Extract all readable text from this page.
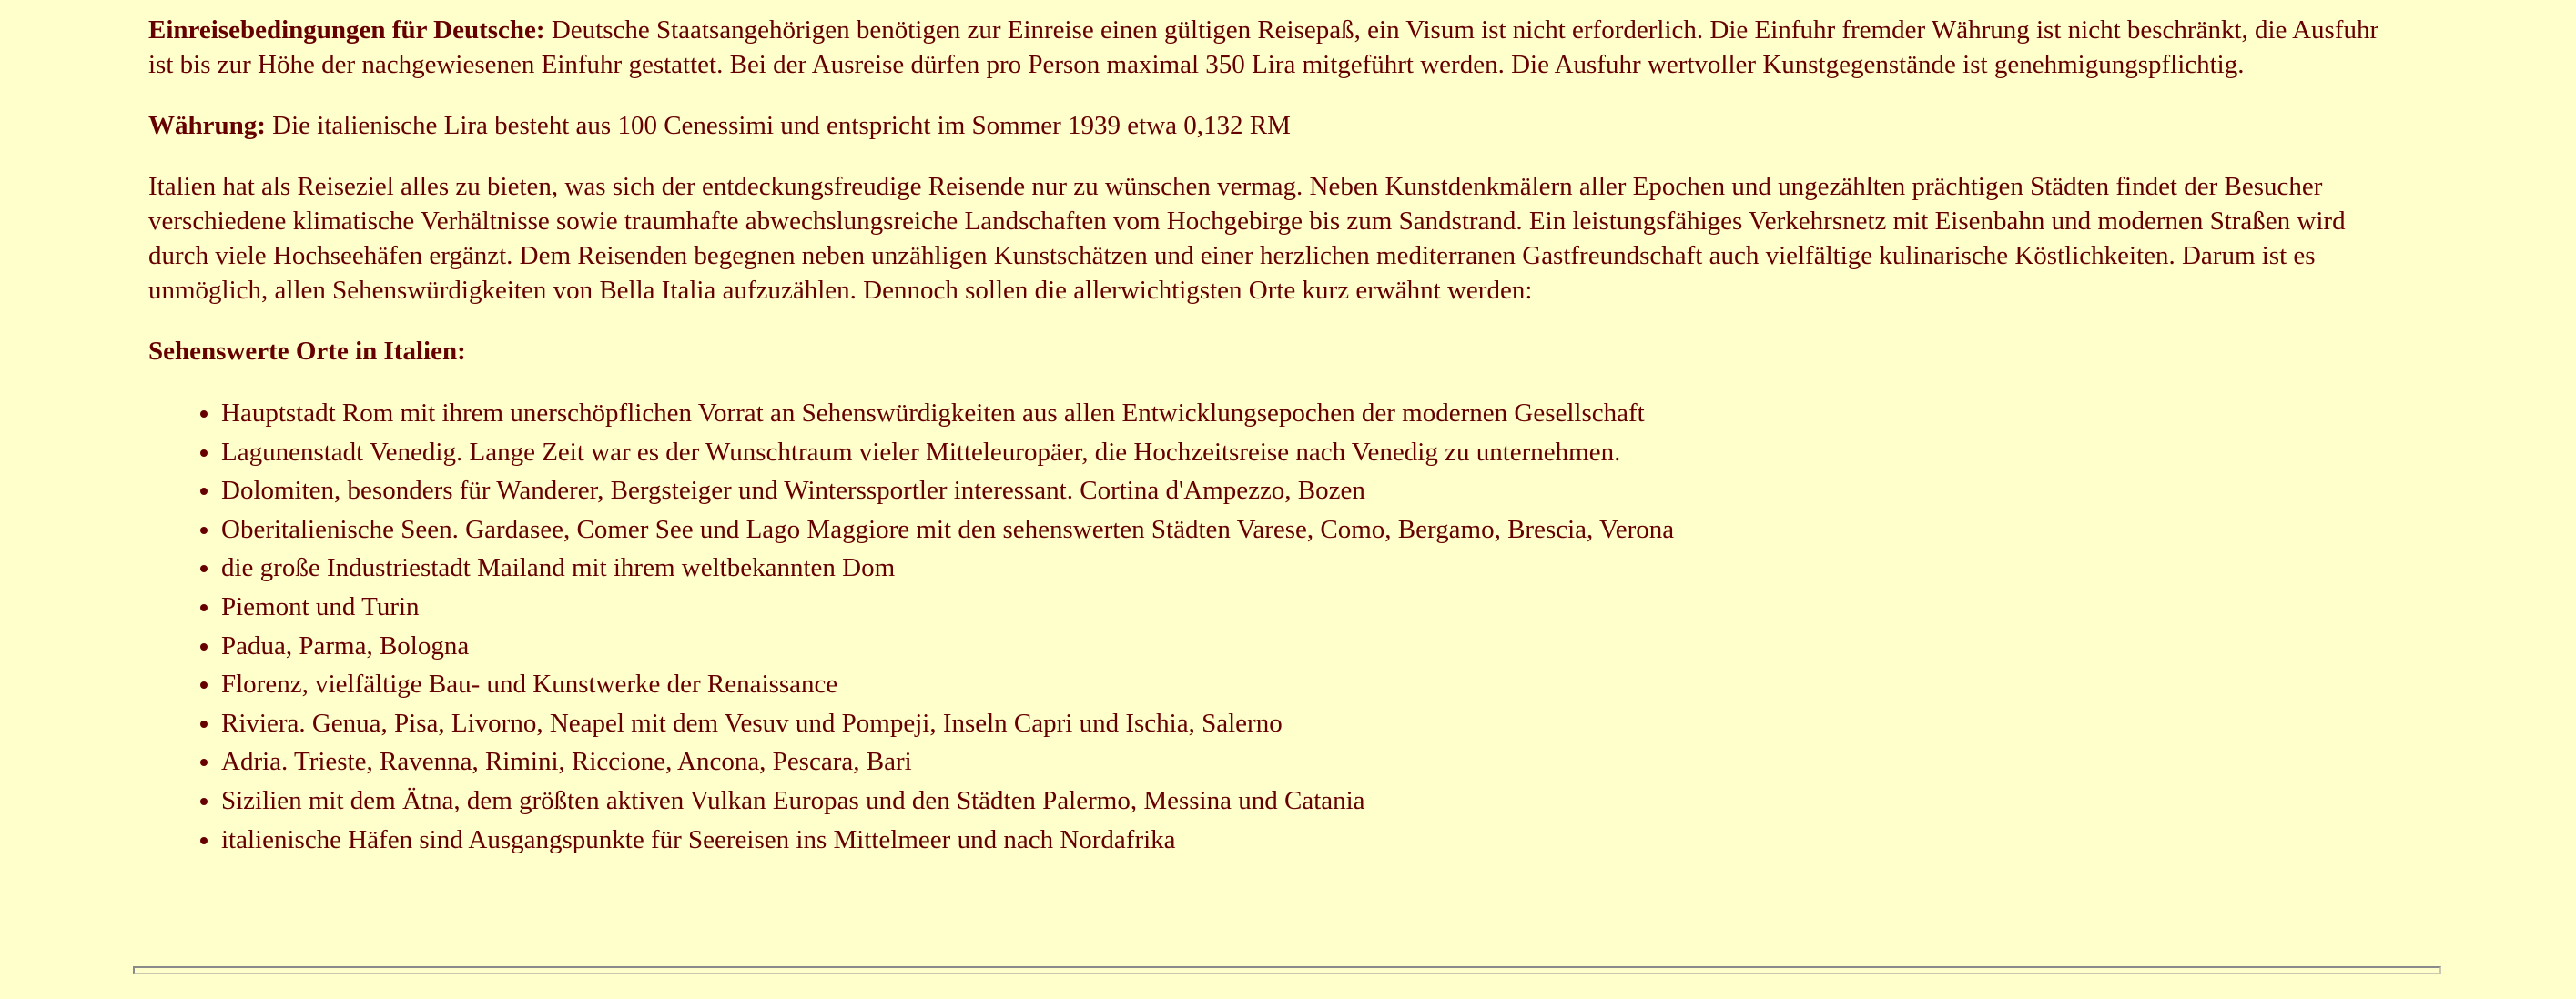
Einreisebedingungen für Deutsche: Deutsche Staatsangehörigen benötigen zur Einreise einen gültigen Reisepaß, ein Visum ist nicht erforderlich. Die Einfuhr fremder Währung ist nicht beschränkt, die Ausfuhr ist bis zur Höhe der nachgewiesenen Einfuhr gestattet. Bei der Ausreise dürfen pro Person maximal 350 Lira mitgeführt werden. Die Ausfuhr wertvoller Kunstgegenstände ist genehmigungspflichtig.

Währung: Die italienische Lira besteht aus 100 Cenessimi und entspricht im Sommer 1939 etwa 0,132 RM

Italien hat als Reiseziel alles zu bieten, was sich der entdeckungsfreudige Reisende nur zu wünschen vermag. Neben Kunstdenkmälern aller Epochen und ungezählten prächtigen Städten findet der Besucher verschiedene klimatische Verhältnisse sowie traumhafte abwechslungsreiche Landschaften vom Hochgebirge bis zum Sandstrand. Ein leistungsfähiges Verkehrsnetz mit Eisenbahn und modernen Straßen wird durch viele Hochseehäfen ergänzt. Dem Reisenden begegnen neben unzähligen Kunstschätzen und einer herzlichen mediterranen Gastfreundschaft auch vielfältige kulinarische Köstlichkeiten. Darum ist es unmöglich, allen Sehenswürdigkeiten von Bella Italia aufzuzählen. Dennoch sollen die allerwichtigsten Orte kurz erwähnt werden:

Sehenswerte Orte in Italien:

• Hauptstadt Rom mit ihrem unerschöpflichen Vorrat an Sehenswürdigkeiten aus allen Entwicklungsepochen der modernen Gesellschaft
• Lagunenstadt Venedig. Lange Zeit war es der Wunschtraum vieler Mitteleuropäer, die Hochzeitsreise nach Venedig zu unternehmen.
• Dolomiten, besonders für Wanderer, Bergsteiger und Winterssportler interessant. Cortina d'Ampezzo, Bozen
• Oberitalienische Seen. Gardasee, Comer See und Lago Maggiore mit den sehenswerten Städten Varese, Como, Bergamo, Brescia, Verona
• die große Industriestadt Mailand mit ihrem weltbekannten Dom
• Piemont und Turin
• Padua, Parma, Bologna
• Florenz, vielfältige Bau- und Kunstwerke der Renaissance
• Riviera. Genua, Pisa, Livorno, Neapel mit dem Vesuv und Pompeji, Inseln Capri und Ischia, Salerno
• Adria. Trieste, Ravenna, Rimini, Riccione, Ancona, Pescara, Bari
• Sizilien mit dem Ätna, dem größten aktiven Vulkan Europas und den Städten Palermo, Messina und Catania
• italienische Häfen sind Ausgangspunkte für Seereisen ins Mittelmeer und nach Nordafrika
